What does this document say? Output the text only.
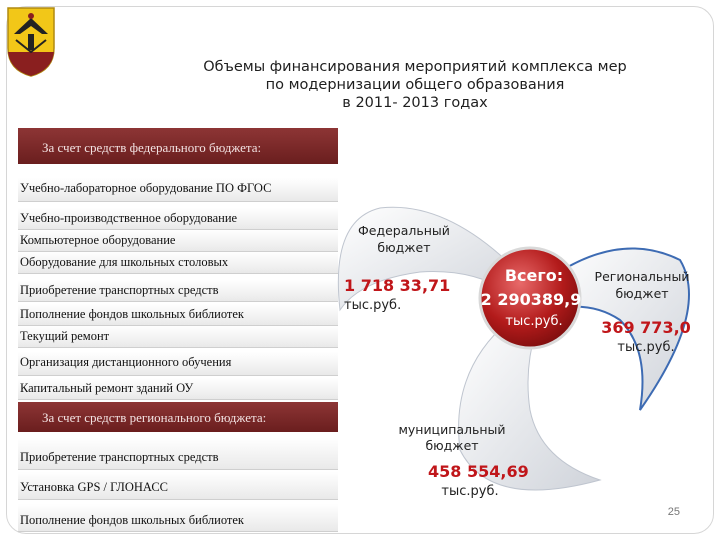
Объемы финансирования мероприятий комплекса мер
по модернизации общего образования
в 2011- 2013 годах
За счет средств федерального бюджета:
Учебно-лабораторное оборудование ПО ФГОС
Учебно-производственное оборудование
Компьютерное оборудование
Оборудование для школьных столовых
Приобретение транспортных средств
Пополнение фондов школьных библиотек
Текущий ремонт
Организация дистанционного обучения
Капитальный ремонт зданий ОУ
За счет средств регионального бюджета:
Приобретение транспортных средств
Установка GPS / ГЛОНАСС
Пополнение фондов школьных библиотек
Федеральный
бюджет
1 718 33,71
тыс.руб.
Всего:
2 290389,9
тыс.руб.
Региональный
бюджет
369 773,0
тыс.руб.
муниципальный
бюджет
458 554,69
тыс.руб.
25
